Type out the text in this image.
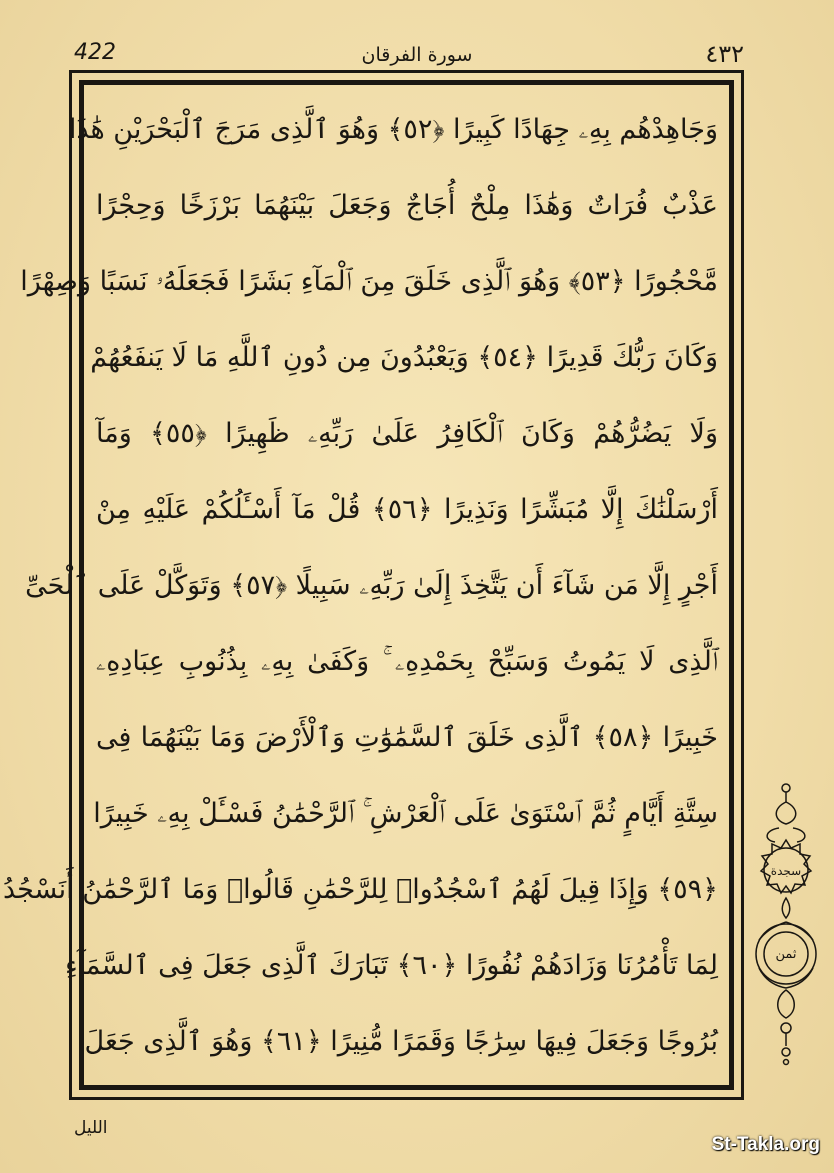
422	سورة الفرقان	٤٣٢
وَجَاهِدْهُم بِهِۦ جِهَادًا كَبِيرًا ﴿٥٢﴾ وَهُوَ ٱلَّذِى مَرَجَ ٱلْبَحْرَيْنِ هَٰذَا
عَذْبٌ فُرَاتٌ وَهَٰذَا مِلْحٌ أُجَاجٌ وَجَعَلَ بَيْنَهُمَا بَرْزَخًا وَحِجْرًا
مَّحْجُورًا ﴿٥٣﴾ وَهُوَ ٱلَّذِى خَلَقَ مِنَ ٱلْمَآءِ بَشَرًا فَجَعَلَهُۥ نَسَبًا وَصِهْرًا
وَكَانَ رَبُّكَ قَدِيرًا ﴿٥٤﴾ وَيَعْبُدُونَ مِن دُونِ ٱللَّهِ مَا لَا يَنفَعُهُمْ
وَلَا يَضُرُّهُمْ وَكَانَ ٱلْكَافِرُ عَلَىٰ رَبِّهِۦ ظَهِيرًا ﴿٥٥﴾ وَمَآ
أَرْسَلْنَٰكَ إِلَّا مُبَشِّرًا وَنَذِيرًا ﴿٥٦﴾ قُلْ مَآ أَسْـَٔلُكُمْ عَلَيْهِ مِنْ
أَجْرٍ إِلَّا مَن شَآءَ أَن يَتَّخِذَ إِلَىٰ رَبِّهِۦ سَبِيلًا ﴿٥٧﴾ وَتَوَكَّلْ عَلَى ٱلْحَىِّ
ٱلَّذِى لَا يَمُوتُ وَسَبِّحْ بِحَمْدِهِۦ ۚ وَكَفَىٰ بِهِۦ بِذُنُوبِ عِبَادِهِۦ
خَبِيرًا ﴿٥٨﴾ ٱلَّذِى خَلَقَ ٱلسَّمَٰوَٰتِ وَٱلْأَرْضَ وَمَا بَيْنَهُمَا فِى
سِتَّةِ أَيَّامٍ ثُمَّ ٱسْتَوَىٰ عَلَى ٱلْعَرْشِ ۚ ٱلرَّحْمَٰنُ فَسْـَٔلْ بِهِۦ خَبِيرًا
﴿٥٩﴾ وَإِذَا قِيلَ لَهُمُ ٱسْجُدُوا۟ لِلرَّحْمَٰنِ قَالُوا۟ وَمَا ٱلرَّحْمَٰنُ أَنَسْجُدُ
لِمَا تَأْمُرُنَا وَزَادَهُمْ نُفُورًا ﴿٦٠﴾ تَبَارَكَ ٱلَّذِى جَعَلَ فِى ٱلسَّمَآءِ
بُرُوجًا وَجَعَلَ فِيهَا سِرَٰجًا وَقَمَرًا مُّنِيرًا ﴿٦١﴾ وَهُوَ ٱلَّذِى جَعَلَ
سجدة
ثمن
الليل
St-Takla.org
